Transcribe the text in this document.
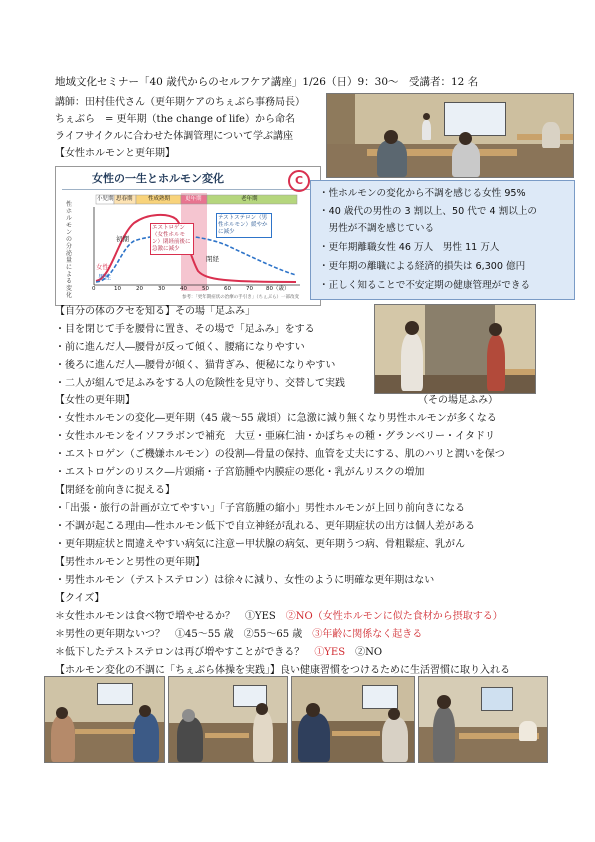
地域文化セミナー「40 歳代からのセルフケア講座」1/26（日）9：30～　受講者：12 名
講師：田村佳代さん（更年期ケアのちぇぶら事務局長）
ちぇぶら　= 更年期（the change of life）から命名
ライフサイクルに合わせた体調管理について学ぶ講座
【女性ホルモンと更年期】
女性の一生とホルモン変化	C
小児期 思春期	性成熟期	更年期	老年期
性ホルモンの分泌量による変化
エストロゲン（女性ホルモン）閉経前後に急激に減少
テストステロン（男性ホルモン）緩やかに減少
初潮
閉経
女性
男性
0	10	20	30	40	50	60	70 80（歳）
参考：「更年期症状の治療の手引き」（ちぇぶら）一部改変
・性ホルモンの変化から不調を感じる女性 95%
・40 歳代の男性の 3 割以上、50 代で 4 割以上の
　男性が不調を感じている
・更年期離職女性 46 万人　男性 11 万人
・更年期の離職による経済的損失は 6,300 億円
・正しく知ることで不安定期の健康管理ができる
【自分の体のクセを知る】その場「足ふみ」
・目を閉じて手を腰骨に置き、その場で「足ふみ」をする
・前に進んだ人―腰骨が反って傾く、腰痛になりやすい
・後ろに進んだ人―腰骨が傾く、猫背ぎみ、便秘になりやすい
・二人が組んで足ふみをする人の危険性を見守り、交替して実践
（その場足ふみ）
【女性の更年期】
・女性ホルモンの変化―更年期（45 歳～55 歳頃）に急激に減り無くなり男性ホルモンが多くなる
・女性ホルモンをイソフラボンで補充　大豆・亜麻仁油・かぼちゃの種・グランベリー・イタドリ
・エストロゲン（ご機嫌ホルモン）の役割―骨量の保持、血管を丈夫にする、肌のハリと潤いを保つ
・エストロゲンのリスク―片頭痛・子宮筋腫や内膜症の悪化・乳がんリスクの増加
【閉経を前向きに捉える】
・「出張・旅行の計画が立てやすい」「子宮筋腫の縮小」男性ホルモンが上回り前向きになる
・不調が起こる理由―性ホルモン低下で自立神経が乱れる、更年期症状の出方は個人差がある
・更年期症状と間違えやすい病気に注意ー甲状腺の病気、更年期うつ病、骨粗鬆症、乳がん
【男性ホルモンと男性の更年期】
・男性ホルモン（テストステロン）は徐々に減り、女性のように明確な更年期はない
【クイズ】
＊女性ホルモンは食べ物で増やせるか？　①YES　②NO（女性ホルモンに似た食材から摂取する）
＊男性の更年期ないつ？　①45～55 歳　②55～65 歳　③年齢に関係なく起きる
＊低下したテストステロンは再び増やすことができる？　①YES　②NO
【ホルモン変化の不調に「ちぇぶら体操を実践」】良い健康習慣をつけるために生活習慣に取り入れる
